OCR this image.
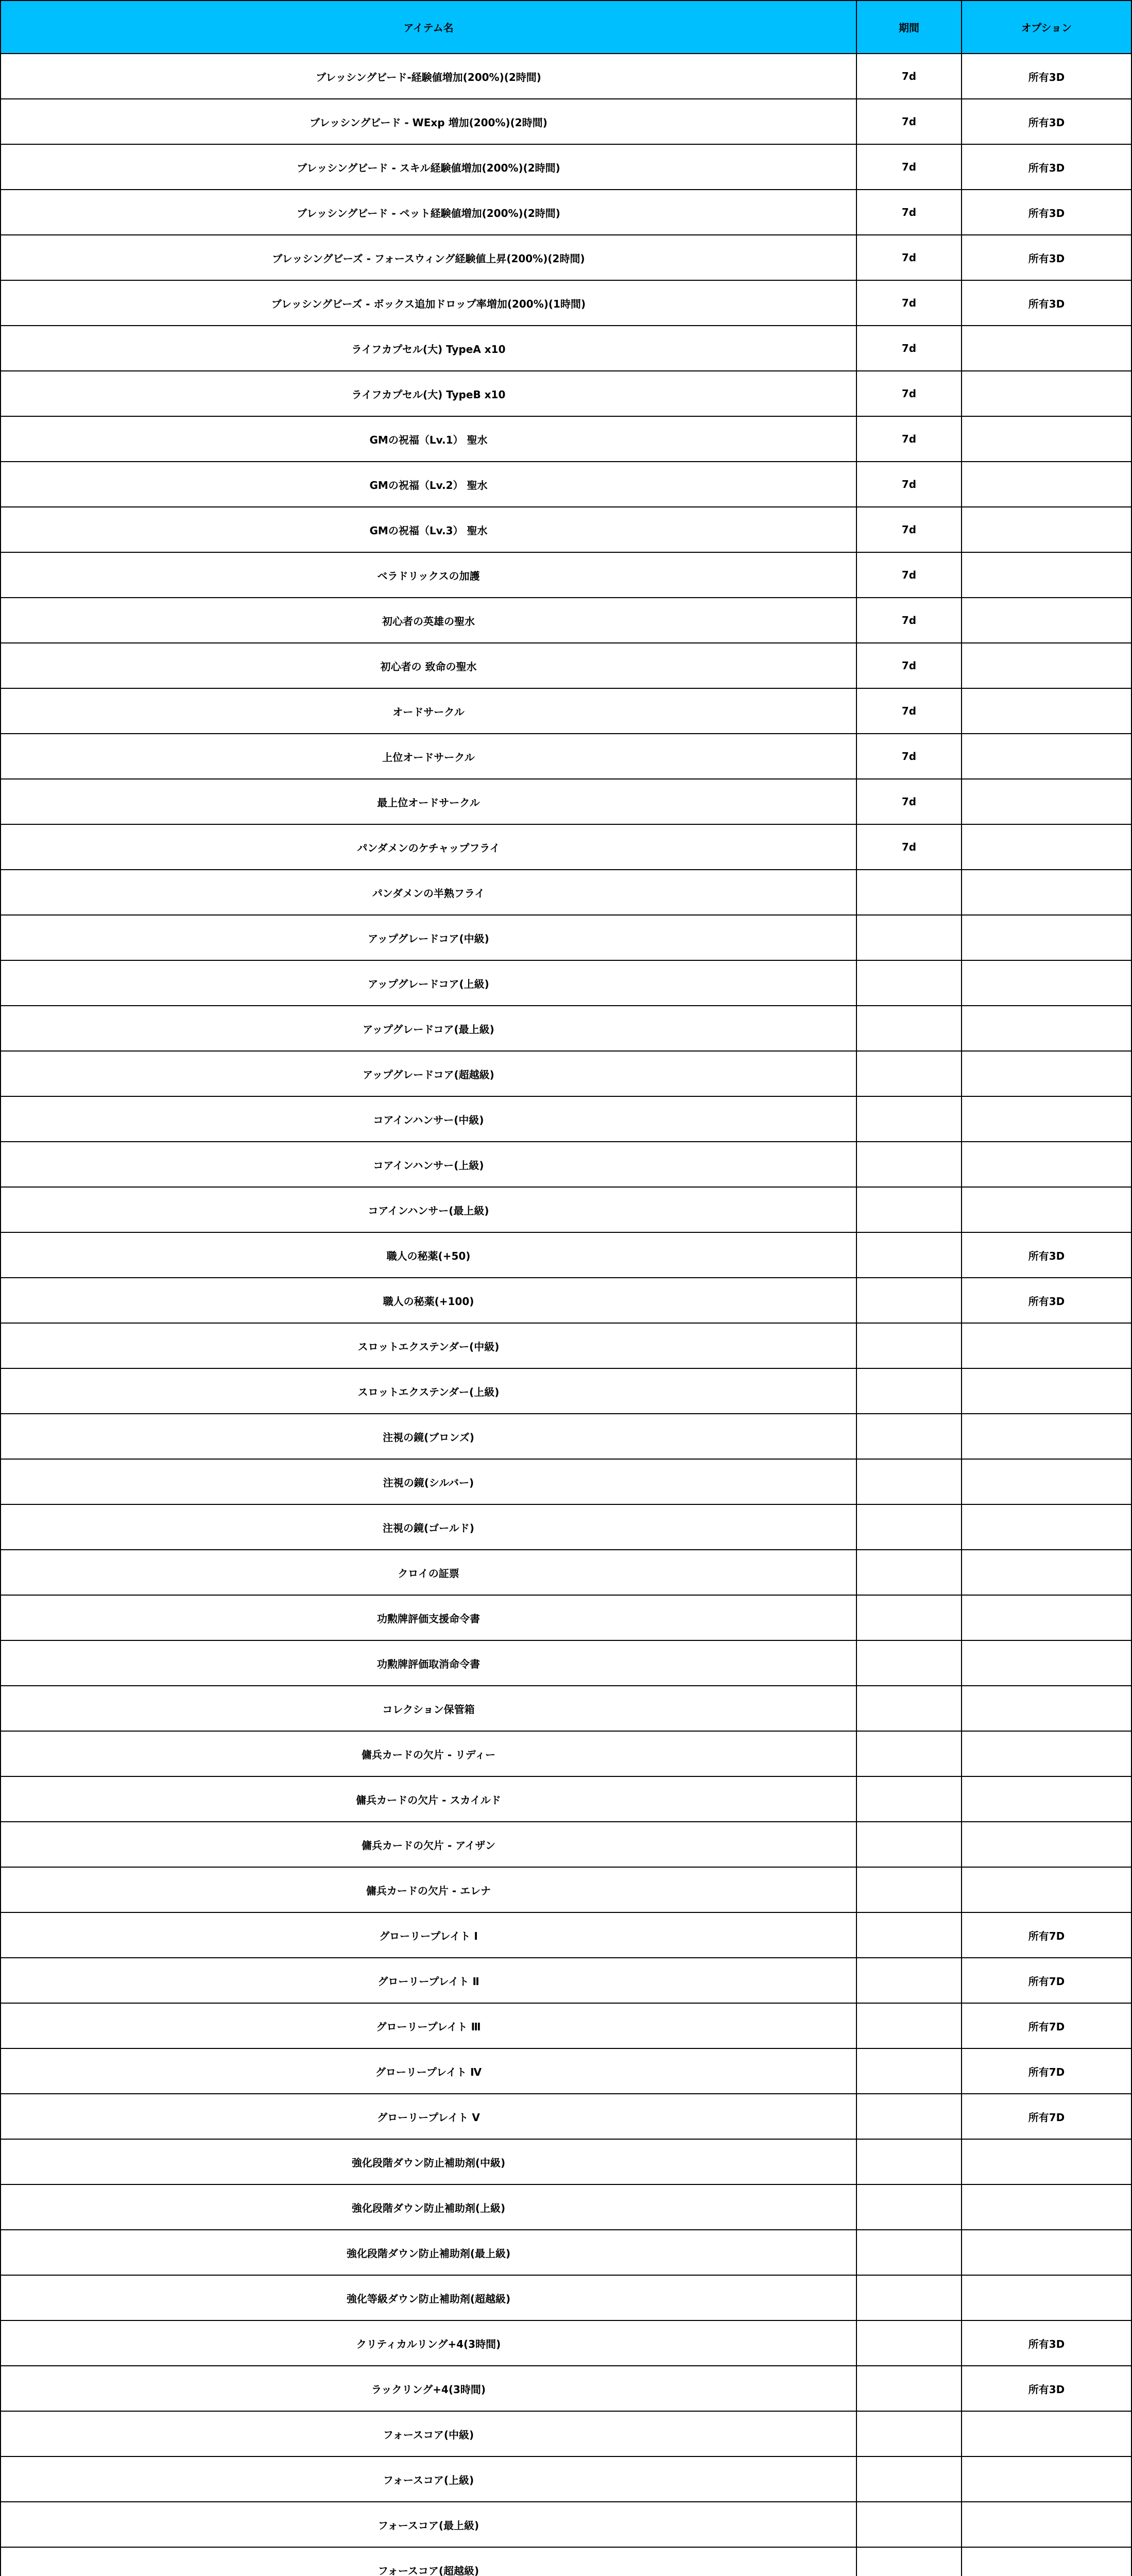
アイテム名	期間	オプション
ブレッシングビード-経験値増加(200%)(2時間)	7d	所有3D
ブレッシングビード - WExp 増加(200%)(2時間)	7d	所有3D
ブレッシングビード - スキル経験値増加(200%)(2時間)	7d	所有3D
ブレッシングビード - ペット経験値増加(200%)(2時間)	7d	所有3D
ブレッシングビーズ - フォースウィング経験値上昇(200%)(2時間)	7d	所有3D
ブレッシングビーズ - ボックス追加ドロップ率増加(200%)(1時間)	7d	所有3D
ライフカプセル(大) TypeA x10	7d	
ライフカプセル(大) TypeB x10	7d	
GMの祝福（Lv.1） 聖水	7d	
GMの祝福（Lv.2） 聖水	7d	
GMの祝福（Lv.3） 聖水	7d	
ベラドリックスの加護	7d	
初心者の英雄の聖水	7d	
初心者の 致命の聖水	7d	
オードサークル	7d	
上位オードサークル	7d	
最上位オードサークル	7d	
パンダメンのケチャップフライ	7d	
パンダメンの半熟フライ		
アップグレードコア(中級)		
アップグレードコア(上級)		
アップグレードコア(最上級)		
アップグレードコア(超越級)		
コアインハンサー(中級)		
コアインハンサー(上級)		
コアインハンサー(最上級)		
職人の秘薬(+50)		所有3D
職人の秘薬(+100)		所有3D
スロットエクステンダー(中級)		
スロットエクステンダー(上級)		
注視の鏡(ブロンズ)		
注視の鏡(シルバー)		
注視の鏡(ゴールド)		
クロイの証票		
功勲牌評価支援命令書		
功勲牌評価取消命令書		
コレクション保管箱		
傭兵カードの欠片 - リディー		
傭兵カードの欠片 - スカイルド		
傭兵カードの欠片 - アイザン		
傭兵カードの欠片 - エレナ		
グローリープレイト Ⅰ		所有7D
グローリープレイト Ⅱ		所有7D
グローリープレイト Ⅲ		所有7D
グローリープレイト Ⅳ		所有7D
グローリープレイト Ⅴ		所有7D
強化段階ダウン防止補助剤(中級)		
強化段階ダウン防止補助剤(上級)		
強化段階ダウン防止補助剤(最上級)		
強化等級ダウン防止補助剤(超越級)		
クリティカルリング+4(3時間)		所有3D
ラックリング+4(3時間)		所有3D
フォースコア(中級)		
フォースコア(上級)		
フォースコア(最上級)		
フォースコア(超越級)		
